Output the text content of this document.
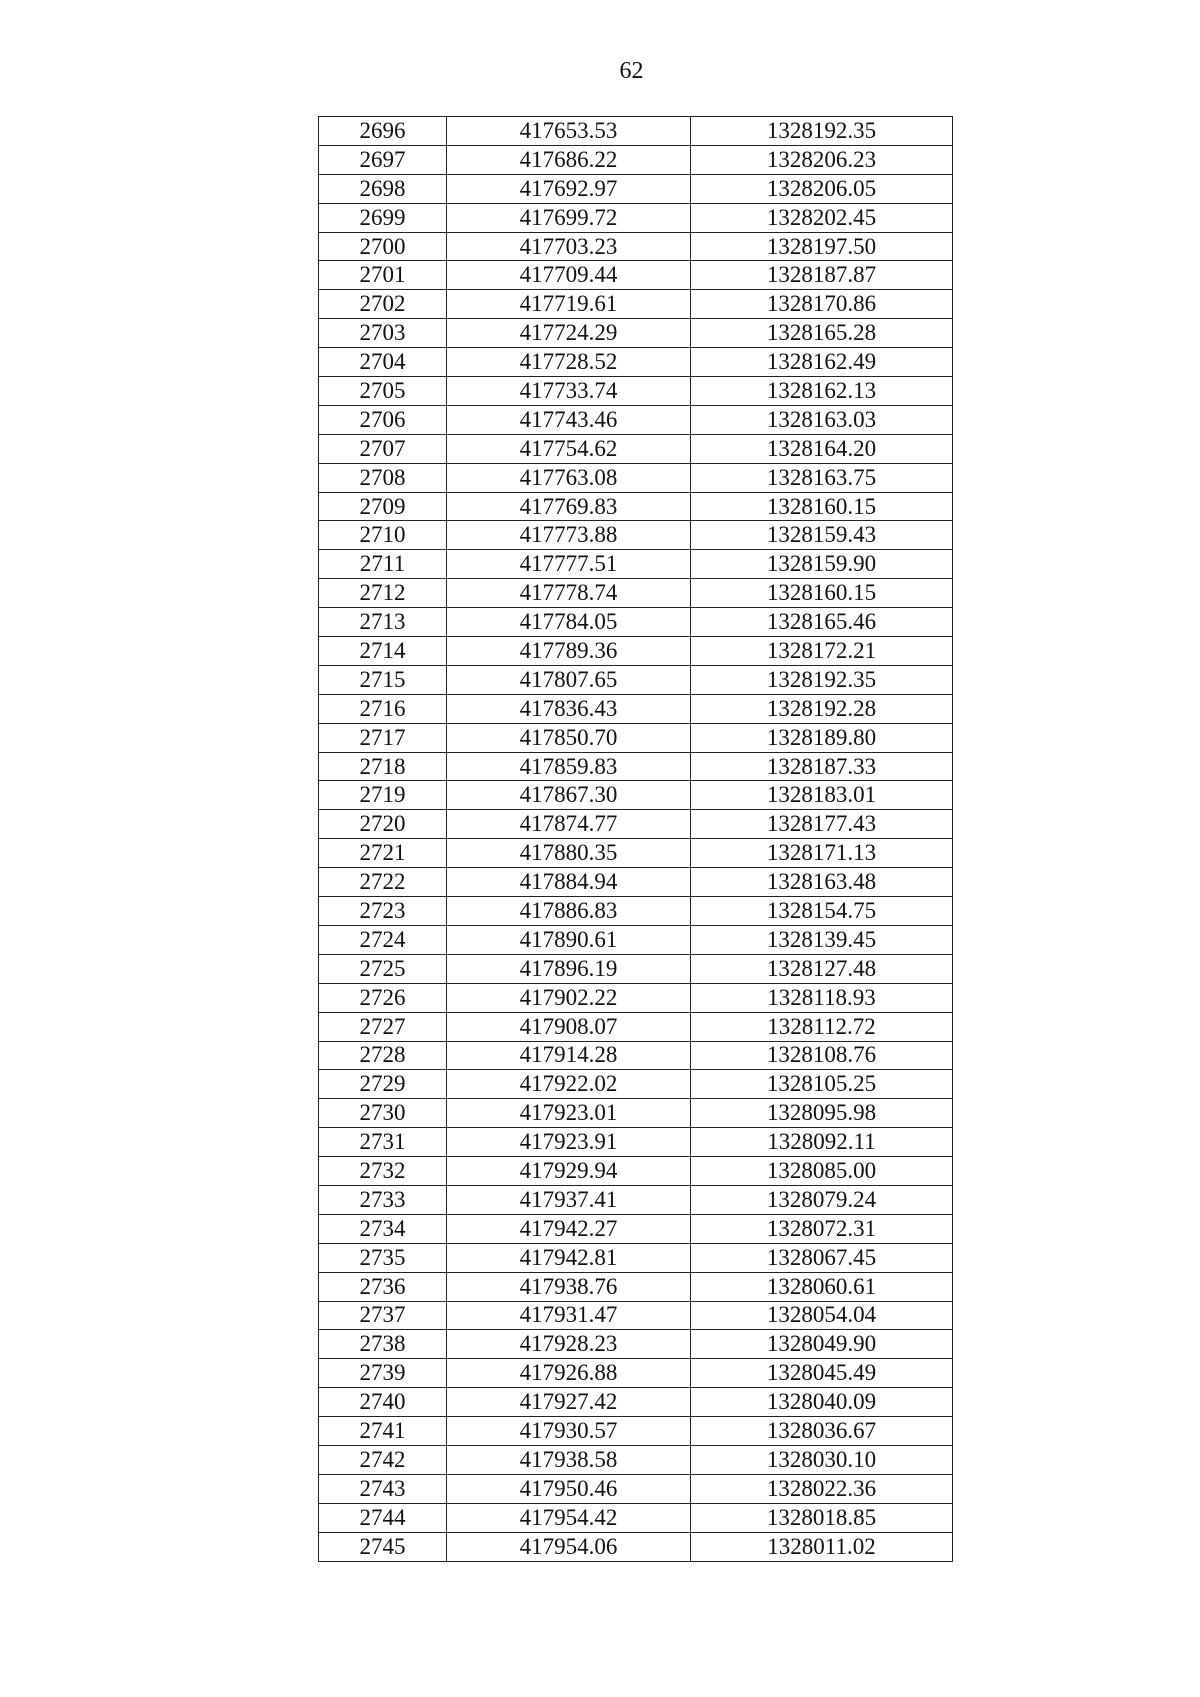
62
2696	417653.53	1328192.35
2697	417686.22	1328206.23
2698	417692.97	1328206.05
2699	417699.72	1328202.45
2700	417703.23	1328197.50
2701	417709.44	1328187.87
2702	417719.61	1328170.86
2703	417724.29	1328165.28
2704	417728.52	1328162.49
2705	417733.74	1328162.13
2706	417743.46	1328163.03
2707	417754.62	1328164.20
2708	417763.08	1328163.75
2709	417769.83	1328160.15
2710	417773.88	1328159.43
2711	417777.51	1328159.90
2712	417778.74	1328160.15
2713	417784.05	1328165.46
2714	417789.36	1328172.21
2715	417807.65	1328192.35
2716	417836.43	1328192.28
2717	417850.70	1328189.80
2718	417859.83	1328187.33
2719	417867.30	1328183.01
2720	417874.77	1328177.43
2721	417880.35	1328171.13
2722	417884.94	1328163.48
2723	417886.83	1328154.75
2724	417890.61	1328139.45
2725	417896.19	1328127.48
2726	417902.22	1328118.93
2727	417908.07	1328112.72
2728	417914.28	1328108.76
2729	417922.02	1328105.25
2730	417923.01	1328095.98
2731	417923.91	1328092.11
2732	417929.94	1328085.00
2733	417937.41	1328079.24
2734	417942.27	1328072.31
2735	417942.81	1328067.45
2736	417938.76	1328060.61
2737	417931.47	1328054.04
2738	417928.23	1328049.90
2739	417926.88	1328045.49
2740	417927.42	1328040.09
2741	417930.57	1328036.67
2742	417938.58	1328030.10
2743	417950.46	1328022.36
2744	417954.42	1328018.85
2745	417954.06	1328011.02
